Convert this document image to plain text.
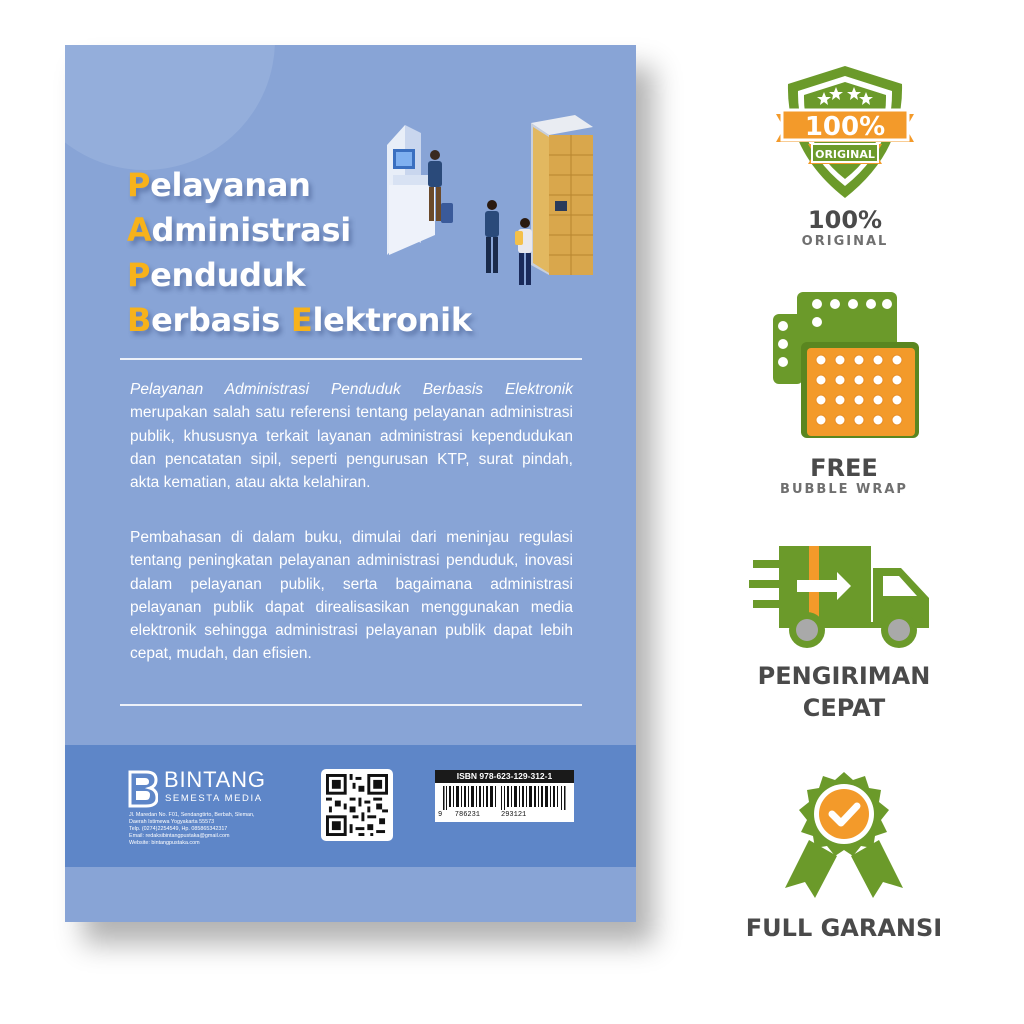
Pelayanan
Administrasi
Penduduk
Berbasis Elektronik

Pelayanan Administrasi Penduduk Berbasis Elektronik merupakan salah satu referensi tentang pelayanan administrasi publik, khususnya terkait layanan administrasi kependudukan dan pencatatan sipil, seperti pengurusan KTP, surat pindah, akta kematian, atau akta kelahiran.

Pembahasan di dalam buku, dimulai dari meninjau regulasi tentang peningkatan pelayanan administrasi penduduk, inovasi dalam pelayanan publik, serta bagaimana administrasi pelayanan publik dapat direalisasikan menggunakan media elektronik sehingga administrasi pelayanan publik dapat lebih cepat, mudah, dan efisien.

BINTANG
SEMESTA MEDIA
Jl. Maredan No. F01, Sendangtirto, Berbah, Sleman,
Daerah Istimewa Yogyakarta 55573
Telp. (0274)2254549, Hp. 085865342317
Email: redaksibintangpustaka@gmail.com
Website: bintangpustaka.com
ISBN 978-623-129-312-1
9   786231     293121
100%
ORIGINAL
100%
ORIGINAL
FREE
BUBBLE WRAP
PENGIRIMAN
CEPAT
FULL GARANSI
